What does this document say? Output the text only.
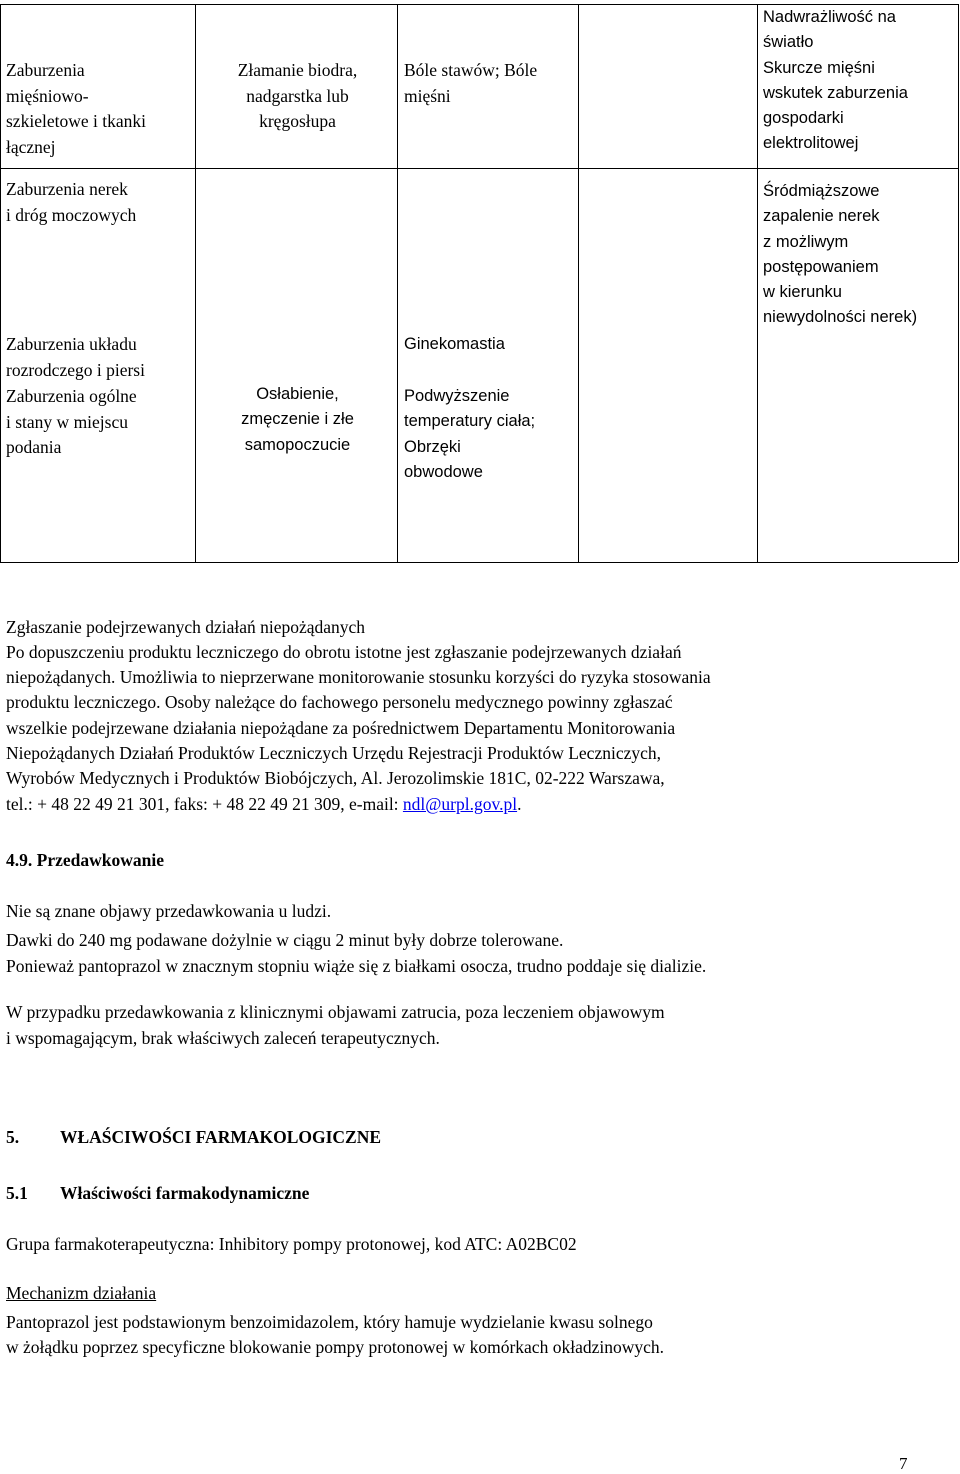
Zaburzenia
mięśniowo-
szkieletowe i tkanki
łącznej
Złamanie biodra,
nadgarstka lub
kręgosłupa
Bóle stawów; Bóle
mięśni
Nadwrażliwość na
światło
Skurcze mięśni
wskutek zaburzenia
gospodarki
elektrolitowej
Zaburzenia nerek
i dróg moczowych
Śródmiąższowe
zapalenie nerek
z możliwym
postępowaniem
w kierunku
niewydolności nerek)
Zaburzenia układu
rozrodczego i piersi
Ginekomastia
Zaburzenia ogólne
i stany w miejscu
podania
Osłabienie,
zmęczenie i złe
samopoczucie
Podwyższenie
temperatury ciała;
Obrzęki
obwodowe
Zgłaszanie podejrzewanych działań niepożądanych
Po dopuszczeniu produktu leczniczego do obrotu istotne jest zgłaszanie podejrzewanych działań
niepożądanych. Umożliwia to nieprzerwane monitorowanie stosunku korzyści do ryzyka stosowania
produktu leczniczego. Osoby należące do fachowego personelu medycznego powinny zgłaszać
wszelkie podejrzewane działania niepożądane za pośrednictwem Departamentu Monitorowania
Niepożądanych Działań Produktów Leczniczych Urzędu Rejestracji Produktów Leczniczych,
Wyrobów Medycznych i Produktów Biobójczych, Al. Jerozolimskie 181C, 02-222 Warszawa,
tel.: + 48 22 49 21 301, faks: + 48 22 49 21 309, e-mail: ndl@urpl.gov.pl.
4.9. Przedawkowanie
Nie są znane objawy przedawkowania u ludzi.
Dawki do 240 mg podawane dożylnie w ciągu 2 minut były dobrze tolerowane.
Ponieważ pantoprazol w znacznym stopniu wiąże się z białkami osocza, trudno poddaje się dializie.
W przypadku przedawkowania z klinicznymi objawami zatrucia, poza leczeniem objawowym
i wspomagającym, brak właściwych zaleceń terapeutycznych.
5. WŁAŚCIWOŚCI FARMAKOLOGICZNE
5.1 Właściwości farmakodynamiczne
Grupa farmakoterapeutyczna: Inhibitory pompy protonowej, kod ATC: A02BC02
Mechanizm działania
Pantoprazol jest podstawionym benzoimidazolem, który hamuje wydzielanie kwasu solnego
w żołądku poprzez specyficzne blokowanie pompy protonowej w komórkach okładzinowych.
7
